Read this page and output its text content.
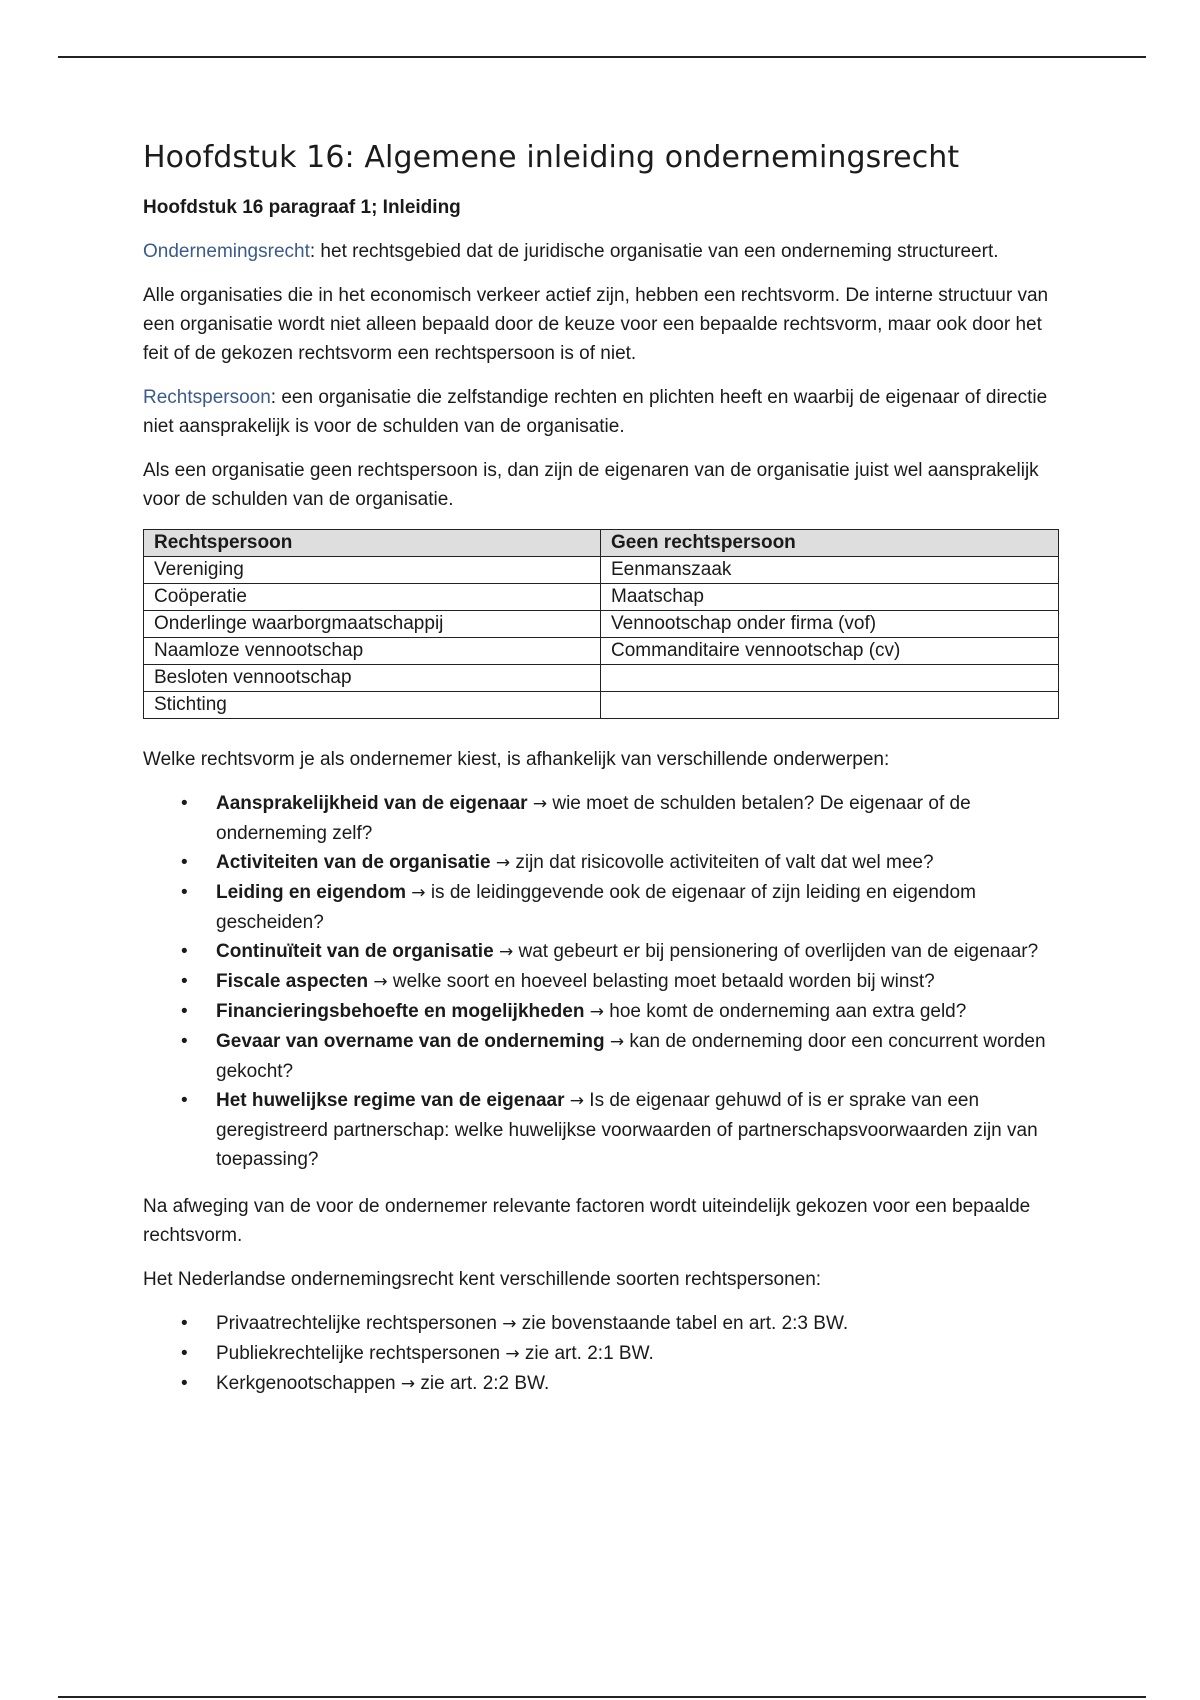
Hoofdstuk 16: Algemene inleiding ondernemingsrecht
Hoofdstuk 16 paragraaf 1; Inleiding

Ondernemingsrecht: het rechtsgebied dat de juridische organisatie van een onderneming structureert.

Alle organisaties die in het economisch verkeer actief zijn, hebben een rechtsvorm. De interne structuur van een organisatie wordt niet alleen bepaald door de keuze voor een bepaalde rechtsvorm, maar ook door het feit of de gekozen rechtsvorm een rechtspersoon is of niet.

Rechtspersoon: een organisatie die zelfstandige rechten en plichten heeft en waarbij de eigenaar of directie niet aansprakelijk is voor de schulden van de organisatie.

Als een organisatie geen rechtspersoon is, dan zijn de eigenaren van de organisatie juist wel aansprakelijk voor de schulden van de organisatie.

Rechtspersoon	Geen rechtspersoon
Vereniging	Eenmanszaak
Coöperatie	Maatschap
Onderlinge waarborgmaatschappij	Vennootschap onder firma (vof)
Naamloze vennootschap	Commanditaire vennootschap (cv)
Besloten vennootschap	
Stichting	

Welke rechtsvorm je als ondernemer kiest, is afhankelijk van verschillende onderwerpen:

• Aansprakelijkheid van de eigenaar → wie moet de schulden betalen? De eigenaar of de onderneming zelf?
• Activiteiten van de organisatie → zijn dat risicovolle activiteiten of valt dat wel mee?
• Leiding en eigendom → is de leidinggevende ook de eigenaar of zijn leiding en eigendom gescheiden?
• Continuïteit van de organisatie → wat gebeurt er bij pensionering of overlijden van de eigenaar?
• Fiscale aspecten → welke soort en hoeveel belasting moet betaald worden bij winst?
• Financieringsbehoefte en mogelijkheden → hoe komt de onderneming aan extra geld?
• Gevaar van overname van de onderneming → kan de onderneming door een concurrent worden gekocht?
• Het huwelijkse regime van de eigenaar → Is de eigenaar gehuwd of is er sprake van een geregistreerd partnerschap: welke huwelijkse voorwaarden of partnerschapsvoorwaarden zijn van toepassing?

Na afweging van de voor de ondernemer relevante factoren wordt uiteindelijk gekozen voor een bepaalde rechtsvorm.

Het Nederlandse ondernemingsrecht kent verschillende soorten rechtspersonen:

• Privaatrechtelijke rechtspersonen → zie bovenstaande tabel en art. 2:3 BW.
• Publiekrechtelijke rechtspersonen → zie art. 2:1 BW.
• Kerkgenootschappen → zie art. 2:2 BW.
